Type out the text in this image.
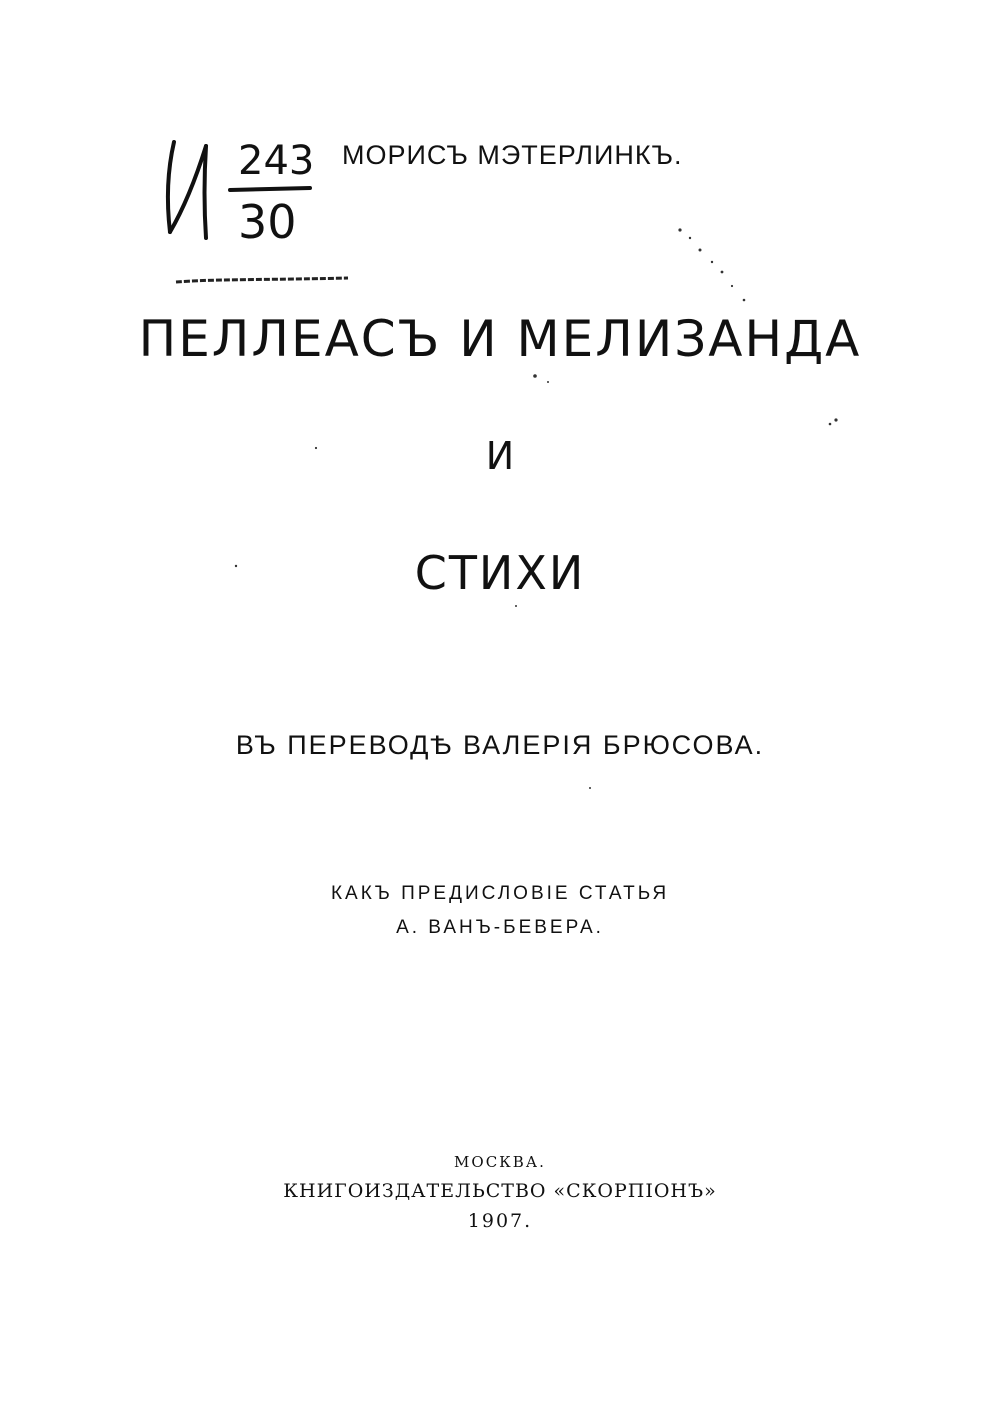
243
30
МОРИСЪ МЭТЕРЛИНКЪ.
ПЕЛЛЕАСЪ И МЕЛИЗАНДА
И
СТИХИ
ВЪ ПЕРЕВОДѢ ВАЛЕРІЯ БРЮСОВА.
КАКЪ ПРЕДИСЛОВІЕ СТАТЬЯ
А. ВАНЪ-БЕВЕРА.
МОСКВА.
КНИГОИЗДАТЕЛЬСТВО «СКОРПІОНЪ»
1907.
